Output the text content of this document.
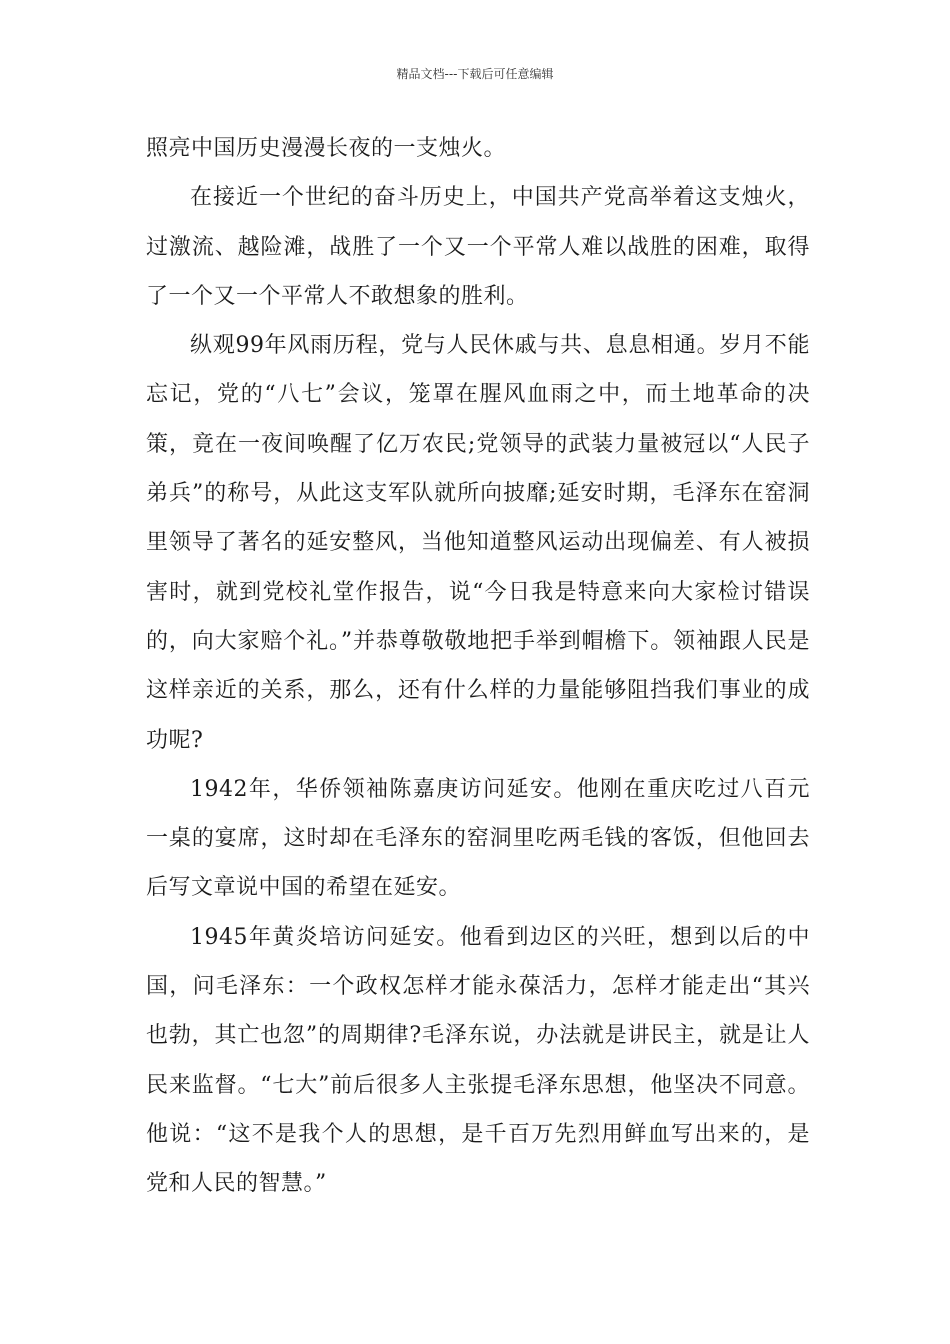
精品文档---下载后可任意编辑

照亮中国历史漫漫长夜的一支烛火。

在接近一个世纪的奋斗历史上，中国共产党高举着这支烛火，过激流、越险滩，战胜了一个又一个平常人难以战胜的困难，取得了一个又一个平常人不敢想象的胜利。

纵观99年风雨历程，党与人民休戚与共、息息相通。岁月不能忘记，党的“八七”会议，笼罩在腥风血雨之中，而土地革命的决策，竟在一夜间唤醒了亿万农民;党领导的武装力量被冠以“人民子弟兵”的称号，从此这支军队就所向披靡;延安时期，毛泽东在窑洞里领导了著名的延安整风，当他知道整风运动出现偏差、有人被损害时，就到党校礼堂作报告，说“今日我是特意来向大家检讨错误的，向大家赔个礼。”并恭尊敬敬地把手举到帽檐下。领袖跟人民是这样亲近的关系，那么，还有什么样的力量能够阻挡我们事业的成功呢?

1942年，华侨领袖陈嘉庚访问延安。他刚在重庆吃过八百元一桌的宴席，这时却在毛泽东的窑洞里吃两毛钱的客饭，但他回去后写文章说中国的希望在延安。

1945年黄炎培访问延安。他看到边区的兴旺，想到以后的中国，问毛泽东：一个政权怎样才能永葆活力，怎样才能走出“其兴也勃，其亡也忽”的周期律?毛泽东说，办法就是讲民主，就是让人民来监督。“七大”前后很多人主张提毛泽东思想，他坚决不同意。他说：“这不是我个人的思想，是千百万先烈用鲜血写出来的，是党和人民的智慧。”
